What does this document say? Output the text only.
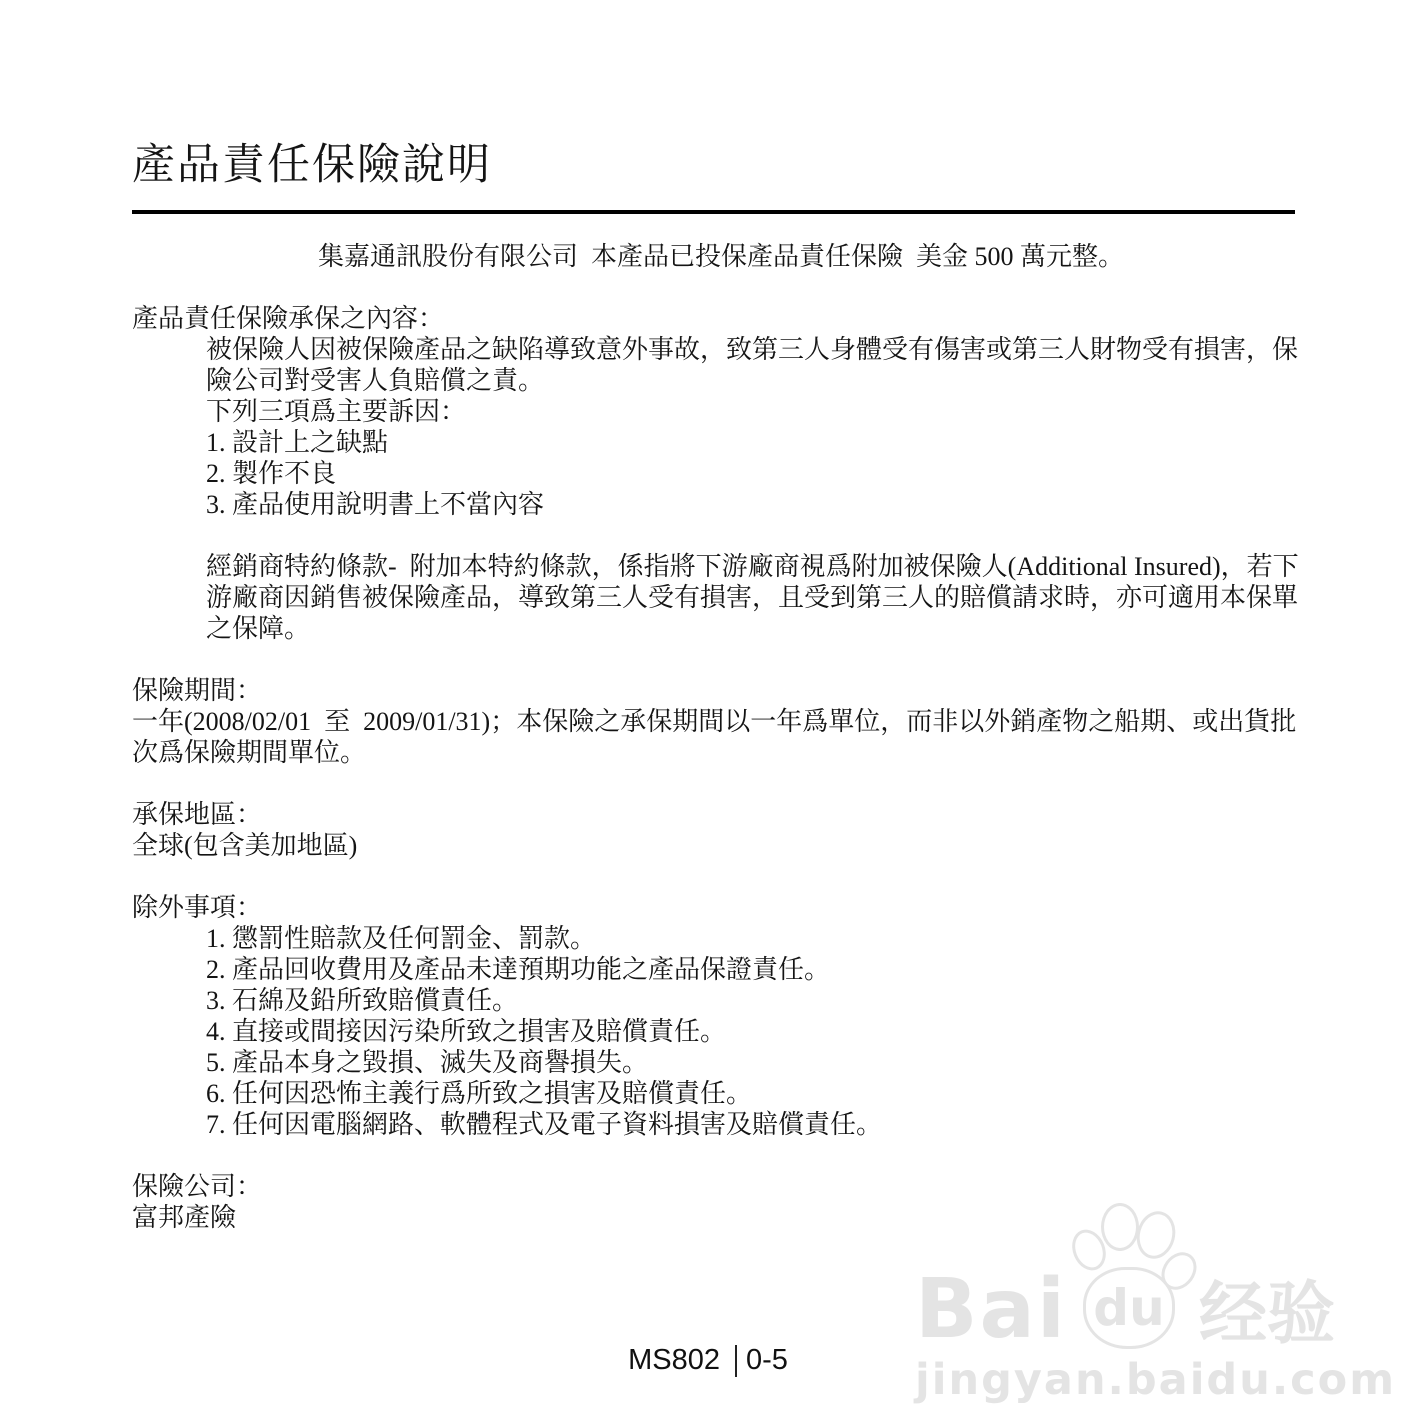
產品責任保險說明

集嘉通訊股份有限公司  本產品已投保產品責任保險  美金 500 萬元整。

產品責任保險承保之內容：

被保險人因被保險產品之缺陷導致意外事故，致第三人身體受有傷害或第三人財物受有損害，保險公司對受害人負賠償之責。

下列三項爲主要訴因：

1. 設計上之缺點

2. 製作不良

3. 產品使用說明書上不當內容

經銷商特約條款-  附加本特約條款，係指將下游廠商視爲附加被保險人(Additional Insured)，若下游廠商因銷售被保險產品，導致第三人受有損害，且受到第三人的賠償請求時，亦可適用本保單之保障。

保險期間：

一年(2008/02/01  至  2009/01/31)；本保險之承保期間以一年爲單位，而非以外銷產物之船期、或出貨批次爲保險期間單位。

承保地區：

全球(包含美加地區)

除外事項：

1. 懲罰性賠款及任何罰金、罰款。

2. 產品回收費用及產品未達預期功能之產品保證責任。

3. 石綿及鉛所致賠償責任。

4. 直接或間接因污染所致之損害及賠償責任。

5. 產品本身之毀損、滅失及商譽損失。

6. 任何因恐怖主義行爲所致之損害及賠償責任。

7. 任何因電腦網路、軟體程式及電子資料損害及賠償責任。

保險公司：

富邦產險

Bai du 经验
jingyan.baidu.com
MS802 0-5
